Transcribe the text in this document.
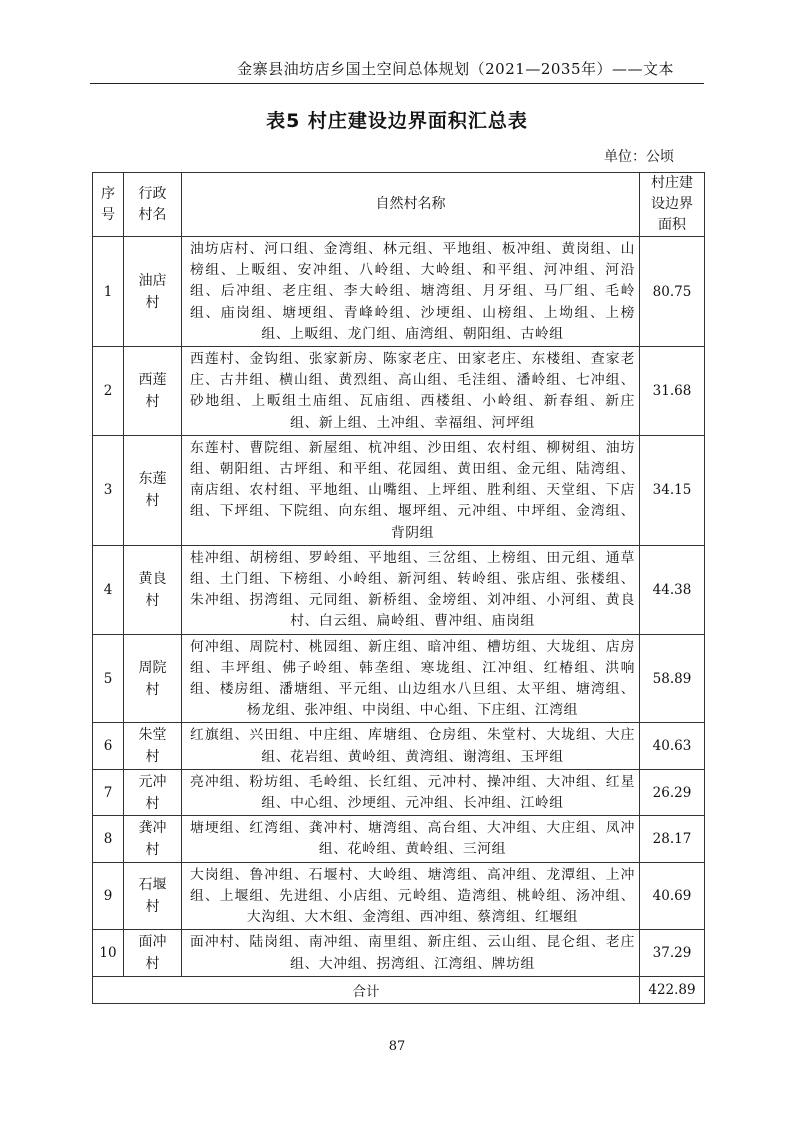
金寨县油坊店乡国土空间总体规划（2021—2035年）——文本
表5 村庄建设边界面积汇总表
单位：公顷
序号	行政村名	自然村名称	村庄建设边界面积
1	油店村	油坊店村、河口组、金湾组、林元组、平地组、板冲组、黄岗组、山榜组、上畈组、安冲组、八岭组、大岭组、和平组、河冲组、河沿组、后冲组、老庄组、李大岭组、塘湾组、月牙组、马厂组、毛岭组、庙岗组、塘埂组、青峰岭组、沙埂组、山榜组、上坳组、上榜组、上畈组、龙门组、庙湾组、朝阳组、古岭组	80.75
2	西莲村	西莲村、金钩组、张家新房、陈家老庄、田家老庄、东楼组、查家老庄、古井组、横山组、黄烈组、高山组、毛洼组、潘岭组、七冲组、砂地组、上畈组土庙组、瓦庙组、西楼组、小岭组、新春组、新庄组、新上组、土冲组、幸福组、河坪组	31.68
3	东莲村	东莲村、曹院组、新屋组、杭冲组、沙田组、农村组、柳树组、油坊组、朝阳组、古坪组、和平组、花园组、黄田组、金元组、陆湾组、南店组、农村组、平地组、山嘴组、上坪组、胜利组、天堂组、下店组、下坪组、下院组、向东组、堰坪组、元冲组、中坪组、金湾组、背阴组	34.15
4	黄良村	桂冲组、胡榜组、罗岭组、平地组、三岔组、上榜组、田元组、通草组、土门组、下榜组、小岭组、新河组、转岭组、张店组、张楼组、朱冲组、拐湾组、元同组、新桥组、金塝组、刘冲组、小河组、黄良村、白云组、扁岭组、曹冲组、庙岗组	44.38
5	周院村	何冲组、周院村、桃园组、新庄组、暗冲组、槽坊组、大垅组、店房组、丰坪组、佛子岭组、韩垄组、寒垅组、江冲组、红椿组、洪响组、楼房组、潘塘组、平元组、山边组水八旦组、太平组、塘湾组、杨龙组、张冲组、中岗组、中心组、下庄组、江湾组	58.89
6	朱堂村	红旗组、兴田组、中庄组、库塘组、仓房组、朱堂村、大垅组、大庄组、花岩组、黄岭组、黄湾组、谢湾组、玉坪组	40.63
7	元冲村	亮冲组、粉坊组、毛岭组、长红组、元冲村、操冲组、大冲组、红星组、中心组、沙埂组、元冲组、长冲组、江岭组	26.29
8	龚冲村	塘埂组、红湾组、龚冲村、塘湾组、高台组、大冲组、大庄组、凤冲组、花岭组、黄岭组、三河组	28.17
9	石堰村	大岗组、鲁冲组、石堰村、大岭组、塘湾组、高冲组、龙潭组、上冲组、上堰组、先进组、小店组、元岭组、造湾组、桃岭组、汤冲组、大沟组、大木组、金湾组、西冲组、蔡湾组、红堰组	40.69
10	面冲村	面冲村、陆岗组、南冲组、南里组、新庄组、云山组、昆仑组、老庄组、大冲组、拐湾组、江湾组、牌坊组	37.29
合计			422.89
87
